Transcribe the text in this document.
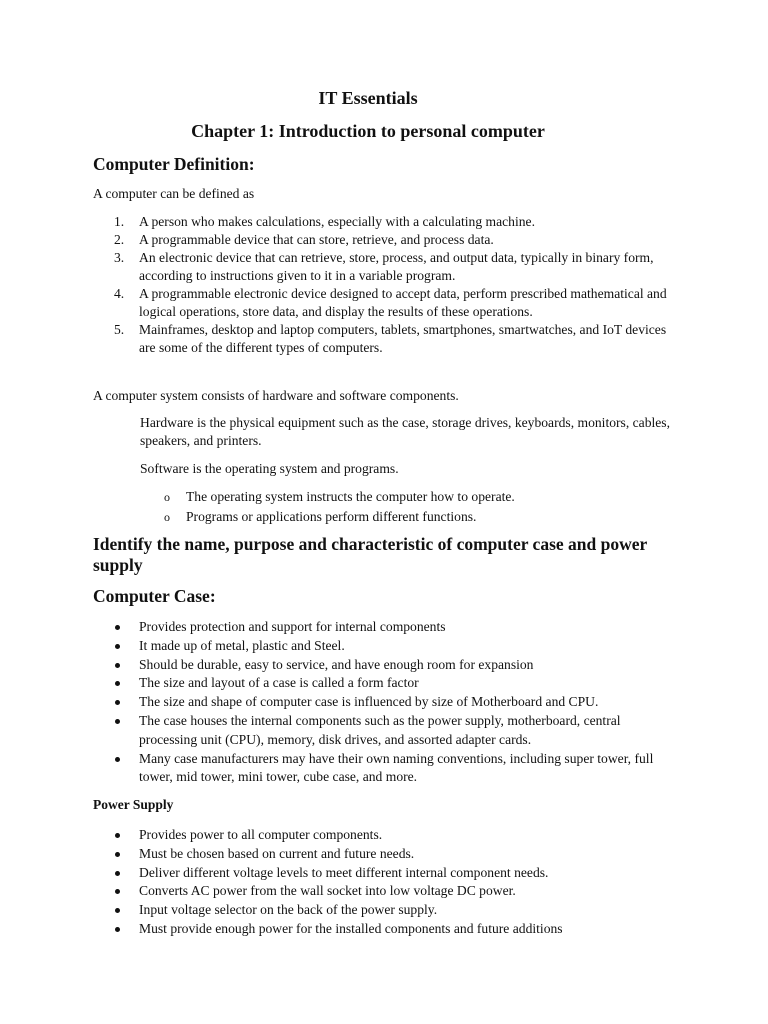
IT Essentials
Chapter 1: Introduction to personal computer
Computer Definition:

A computer can be defined as

1. A person who makes calculations, especially with a calculating machine.
2. A programmable device that can store, retrieve, and process data.
3. An electronic device that can retrieve, store, process, and output data, typically in binary form, according to instructions given to it in a variable program.
4. A programmable electronic device designed to accept data, perform prescribed mathematical and logical operations, store data, and display the results of these operations.
5. Mainframes, desktop and laptop computers, tablets, smartphones, smartwatches, and IoT devices are some of the different types of computers.

A computer system consists of hardware and software components.

Hardware is the physical equipment such as the case, storage drives, keyboards, monitors, cables, speakers, and printers.

Software is the operating system and programs.

o The operating system instructs the computer how to operate.
o Programs or applications perform different functions.
Identify the name, purpose and characteristic of computer case and power supply
Computer Case:
Provides protection and support for internal components
It made up of metal, plastic and Steel.
Should be durable, easy to service, and have enough room for expansion
The size and layout of a case is called a form factor
The size and shape of computer case is influenced by size of Motherboard and CPU.
The case houses the internal components such as the power supply, motherboard, central processing unit (CPU), memory, disk drives, and assorted adapter cards.
Many case manufacturers may have their own naming conventions, including super tower, full tower, mid tower, mini tower, cube case, and more.
Power Supply
Provides power to all computer components.
Must be chosen based on current and future needs.
Deliver different voltage levels to meet different internal component needs.
Converts AC power from the wall socket into low voltage DC power.
Input voltage selector on the back of the power supply.
Must provide enough power for the installed components and future additions
